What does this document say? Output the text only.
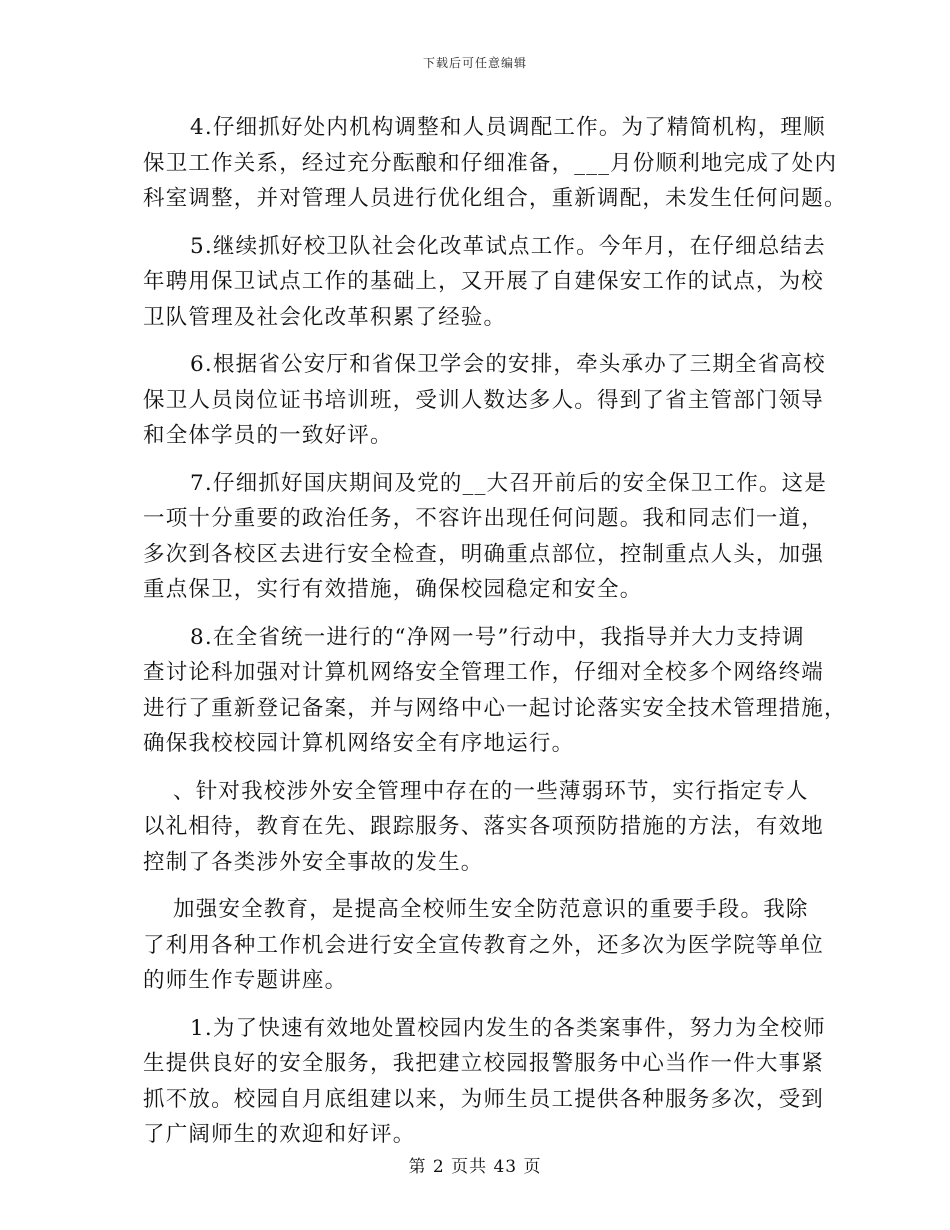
下载后可任意编辑
4.仔细抓好处内机构调整和人员调配工作。为了精简机构，理顺
保卫工作关系，经过充分酝酿和仔细准备，___月份顺利地完成了处内
科室调整，并对管理人员进行优化组合，重新调配，未发生任何问题。
5.继续抓好校卫队社会化改革试点工作。今年月，在仔细总结去
年聘用保卫试点工作的基础上，又开展了自建保安工作的试点，为校
卫队管理及社会化改革积累了经验。
6.根据省公安厅和省保卫学会的安排，牵头承办了三期全省高校
保卫人员岗位证书培训班，受训人数达多人。得到了省主管部门领导
和全体学员的一致好评。
7.仔细抓好国庆期间及党的__大召开前后的安全保卫工作。这是
一项十分重要的政治任务，不容许出现任何问题。我和同志们一道，
多次到各校区去进行安全检查，明确重点部位，控制重点人头，加强
重点保卫，实行有效措施，确保校园稳定和安全。
8.在全省统一进行的“净网一号”行动中，我指导并大力支持调
查讨论科加强对计算机网络安全管理工作，仔细对全校多个网络终端
进行了重新登记备案，并与网络中心一起讨论落实安全技术管理措施，
确保我校校园计算机网络安全有序地运行。
、针对我校涉外安全管理中存在的一些薄弱环节，实行指定专人
以礼相待，教育在先、跟踪服务、落实各项预防措施的方法，有效地
控制了各类涉外安全事故的发生。
加强安全教育，是提高全校师生安全防范意识的重要手段。我除
了利用各种工作机会进行安全宣传教育之外，还多次为医学院等单位
的师生作专题讲座。
1.为了快速有效地处置校园内发生的各类案事件，努力为全校师
生提供良好的安全服务，我把建立校园报警服务中心当作一件大事紧
抓不放。校园自月底组建以来，为师生员工提供各种服务多次，受到
了广阔师生的欢迎和好评。
第 2 页共 43 页
